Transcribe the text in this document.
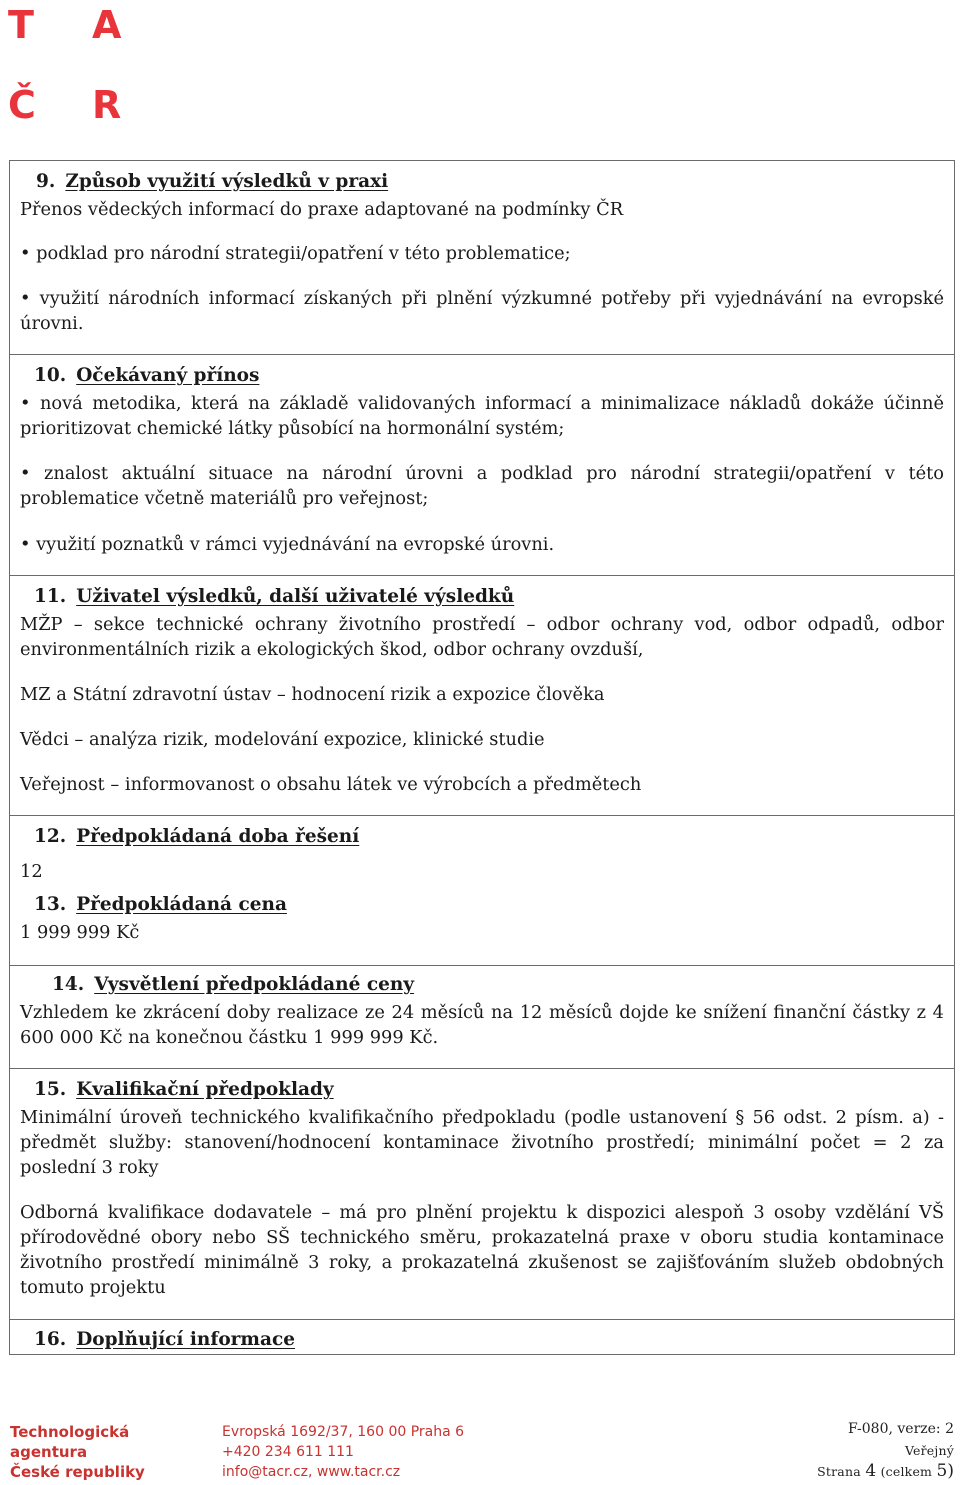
T A
Č R
9. Způsob využití výsledků v praxi
Přenos vědeckých informací do praxe adaptované na podmínky ČR
• podklad pro národní strategii/opatření v této problematice;
• využití národních informací získaných při plnění výzkumné potřeby při vyjednávání na evropské úrovni.
10. Očekávaný přínos
• nová metodika, která na základě validovaných informací a minimalizace nákladů dokáže účinně prioritizovat chemické látky působící na hormonální systém;
• znalost aktuální situace na národní úrovni a podklad pro národní strategii/opatření v této problematice včetně materiálů pro veřejnost;
• využití poznatků v rámci vyjednávání na evropské úrovni.
11. Uživatel výsledků, další uživatelé výsledků
MŽP – sekce technické ochrany životního prostředí – odbor ochrany vod, odbor odpadů, odbor environmentálních rizik a ekologických škod, odbor ochrany ovzduší,
MZ a Státní zdravotní ústav – hodnocení rizik a expozice člověka
Vědci – analýza rizik, modelování expozice, klinické studie
Veřejnost – informovanost o obsahu látek ve výrobcích a předmětech
12. Předpokládaná doba řešení
12
13. Předpokládaná cena
1 999 999 Kč
14. Vysvětlení předpokládané ceny
Vzhledem ke zkrácení doby realizace ze 24 měsíců na 12 měsíců dojde ke snížení finanční částky z 4 600 000 Kč na konečnou částku 1 999 999 Kč.
15. Kvalifikační předpoklady
Minimální úroveň technického kvalifikačního předpokladu (podle ustanovení § 56 odst. 2 písm. a) - předmět služby: stanovení/hodnocení kontaminace životního prostředí; minimální počet = 2 za poslední 3 roky
Odborná kvalifikace dodavatele – má pro plnění projektu k dispozici alespoň 3 osoby vzdělání VŠ přírodovědné obory nebo SŠ technického směru, prokazatelná praxe v oboru studia kontaminace životního prostředí minimálně 3 roky, a prokazatelná zkušenost se zajišťováním služeb obdobných tomuto projektu
16. Doplňující informace
Technologická
agentura
České republiky
Evropská 1692/37, 160 00 Praha 6
+420 234 611 111
info@tacr.cz, www.tacr.cz
F-080, verze: 2
Veřejný
Strana 4 (celkem 5)
